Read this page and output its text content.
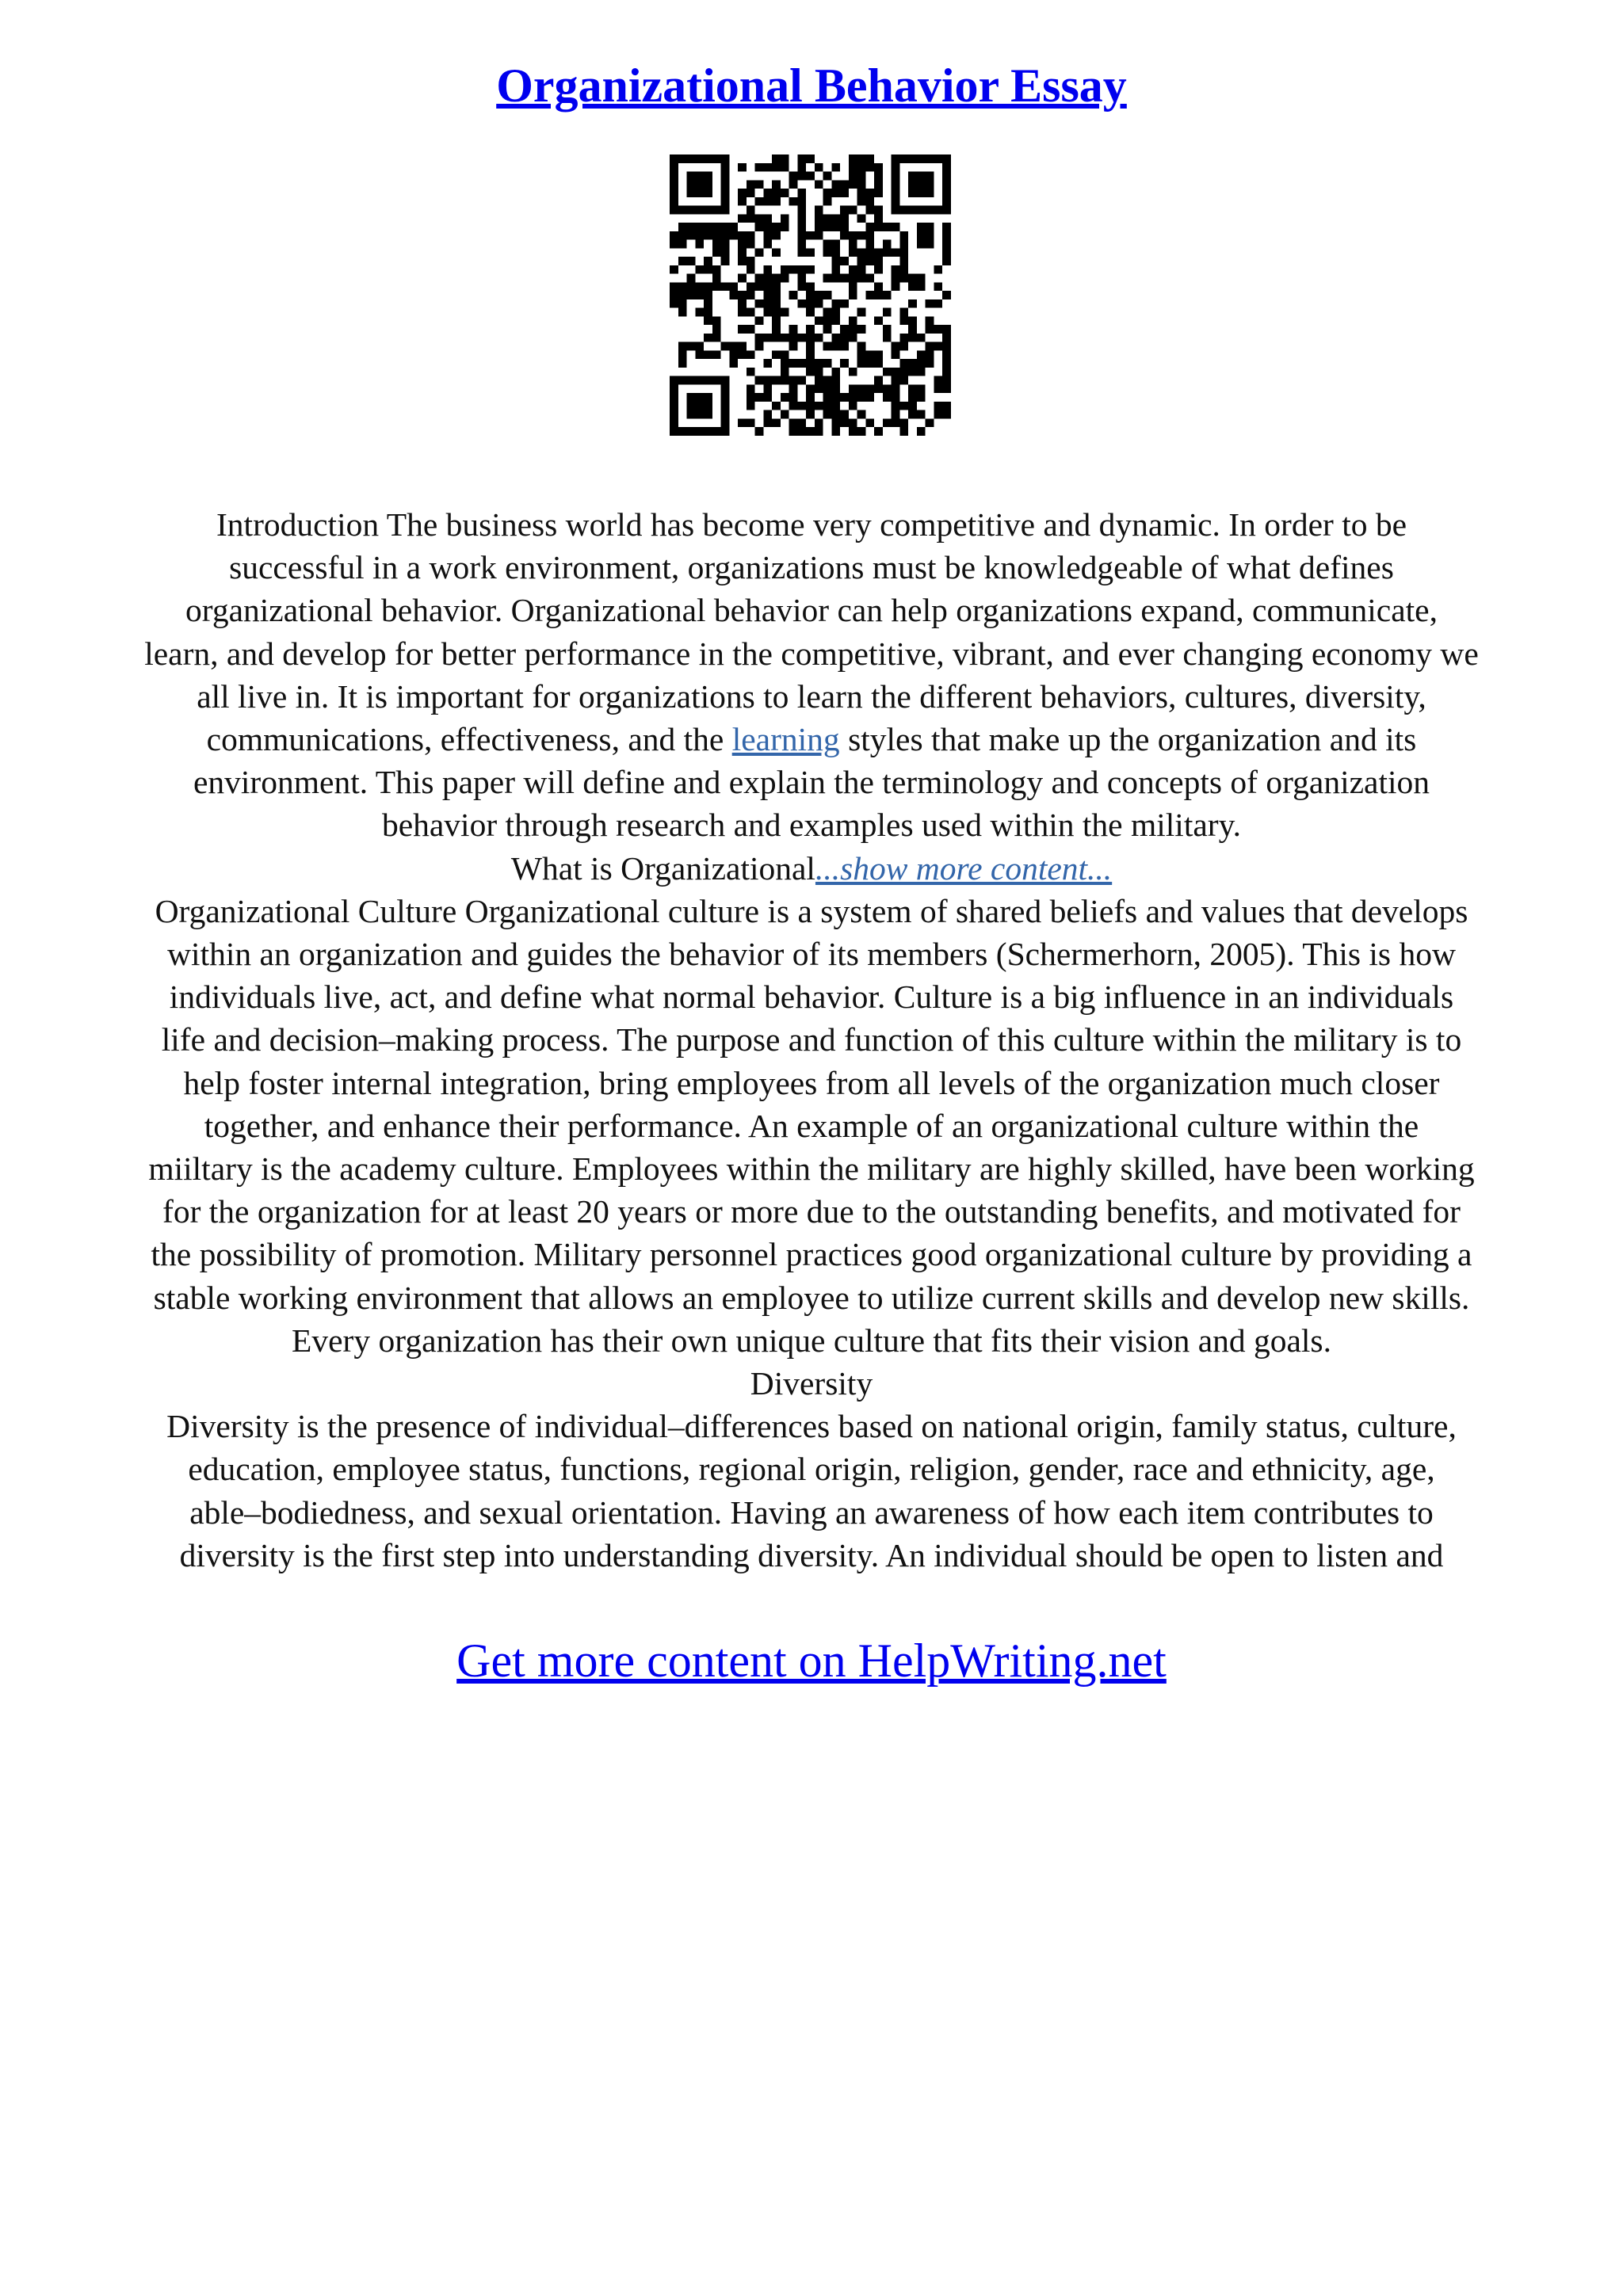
Organizational Behavior Essay
Introduction The business world has become very competitive and dynamic. In order to be
successful in a work environment, organizations must be knowledgeable of what defines
organizational behavior. Organizational behavior can help organizations expand, communicate,
learn, and develop for better performance in the competitive, vibrant, and ever changing economy we
all live in. It is important for organizations to learn the different behaviors, cultures, diversity,
communications, effectiveness, and the learning styles that make up the organization and its
environment. This paper will define and explain the terminology and concepts of organization
behavior through research and examples used within the military.
What is Organizational...show more content...
Organizational Culture Organizational culture is a system of shared beliefs and values that develops
within an organization and guides the behavior of its members (Schermerhorn, 2005). This is how
individuals live, act, and define what normal behavior. Culture is a big influence in an individuals
life and decision–making process. The purpose and function of this culture within the military is to
help foster internal integration, bring employees from all levels of the organization much closer
together, and enhance their performance. An example of an organizational culture within the
miiltary is the academy culture. Employees within the military are highly skilled, have been working
for the organization for at least 20 years or more due to the outstanding benefits, and motivated for
the possibility of promotion. Military personnel practices good organizational culture by providing a
stable working environment that allows an employee to utilize current skills and develop new skills.
Every organization has their own unique culture that fits their vision and goals.
Diversity
Diversity is the presence of individual–differences based on national origin, family status, culture,
education, employee status, functions, regional origin, religion, gender, race and ethnicity, age,
able–bodiedness, and sexual orientation. Having an awareness of how each item contributes to
diversity is the first step into understanding diversity. An individual should be open to listen and
Get more content on HelpWriting.net
